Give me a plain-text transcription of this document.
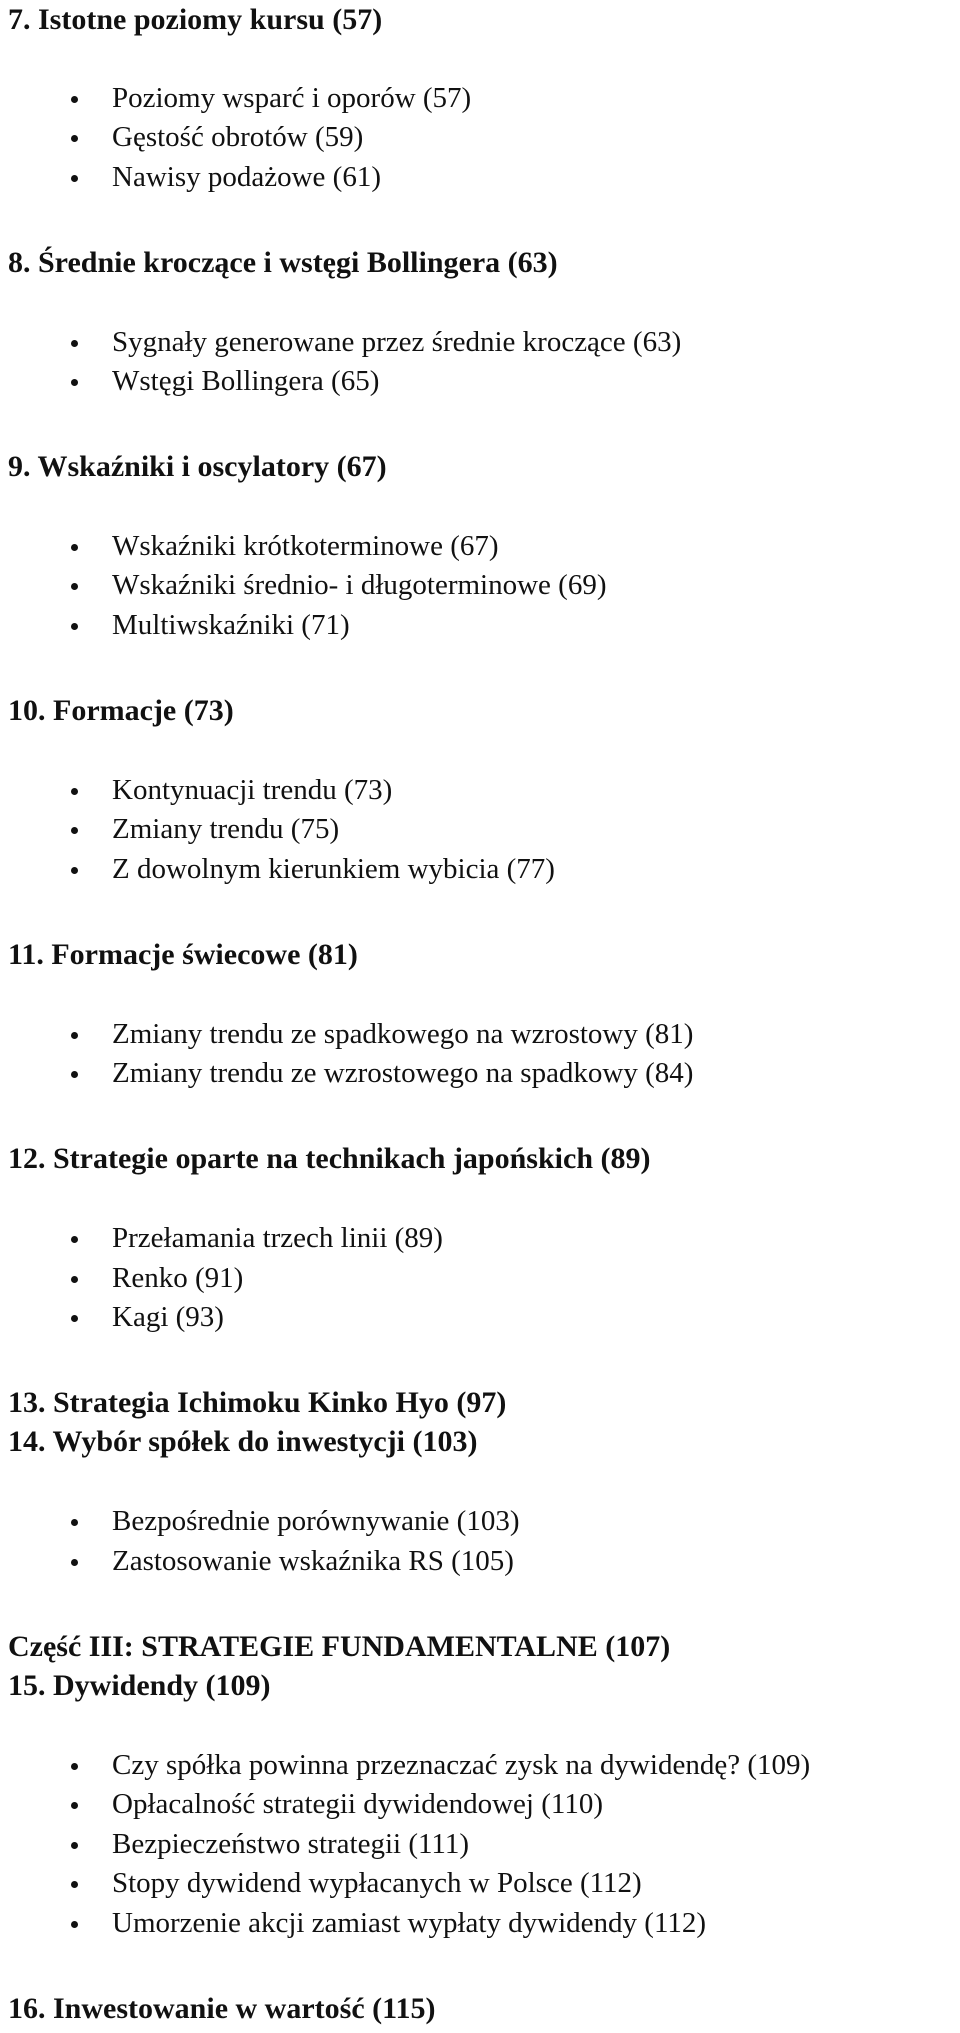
7. Istotne poziomy kursu (57)
Poziomy wsparć i oporów (57)
Gęstość obrotów (59)
Nawisy podażowe (61)
8. Średnie kroczące i wstęgi Bollingera (63)
Sygnały generowane przez średnie kroczące (63)
Wstęgi Bollingera (65)
9. Wskaźniki i oscylatory (67)
Wskaźniki krótkoterminowe (67)
Wskaźniki średnio- i długoterminowe (69)
Multiwskaźniki (71)
10. Formacje (73)
Kontynuacji trendu (73)
Zmiany trendu (75)
Z dowolnym kierunkiem wybicia (77)
11. Formacje świecowe (81)
Zmiany trendu ze spadkowego na wzrostowy (81)
Zmiany trendu ze wzrostowego na spadkowy (84)
12. Strategie oparte na technikach japońskich (89)
Przełamania trzech linii (89)
Renko (91)
Kagi (93)
13. Strategia Ichimoku Kinko Hyo (97)
14. Wybór spółek do inwestycji (103)
Bezpośrednie porównywanie (103)
Zastosowanie wskaźnika RS (105)
Część III: STRATEGIE FUNDAMENTALNE (107)
15. Dywidendy (109)
Czy spółka powinna przeznaczać zysk na dywidendę? (109)
Opłacalność strategii dywidendowej (110)
Bezpieczeństwo strategii (111)
Stopy dywidend wypłacanych w Polsce (112)
Umorzenie akcji zamiast wypłaty dywidendy (112)
16. Inwestowanie w wartość (115)
